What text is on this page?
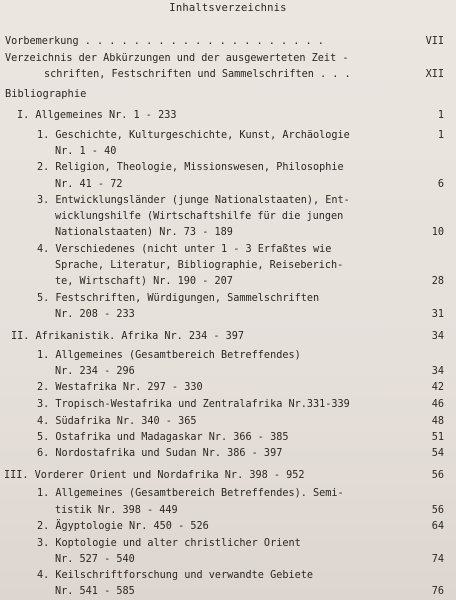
Inhaltsverzeichnis
Vorbemerkung . . . . . . . . . . . . . . . . . . . .	VII
Verzeichnis der Abkürzungen und der ausgewerteten Zeit -
schriften, Festschriften und Sammelschriften . . .	XII
Bibliographie
I. Allgemeines Nr. 1 - 233	1
1. Geschichte, Kulturgeschichte, Kunst, Archäologie	1
Nr. 1 - 40
2. Religion, Theologie, Missionswesen, Philosophie
Nr. 41 - 72	6
3. Entwicklungsländer (junge Nationalstaaten), Ent-
wicklungshilfe (Wirtschaftshilfe für die jungen
Nationalstaaten) Nr. 73 - 189	10
4. Verschiedenes (nicht unter 1 - 3 Erfaßtes wie
Sprache, Literatur, Bibliographie, Reiseberich-
te, Wirtschaft) Nr. 190 - 207	28
5. Festschriften, Würdigungen, Sammelschriften
Nr. 208 - 233	31
II. Afrikanistik. Afrika Nr. 234 - 397	34
1. Allgemeines (Gesamtbereich Betreffendes)
Nr. 234 - 296	34
2. Westafrika Nr. 297 - 330	42
3. Tropisch-Westafrika und Zentralafrika Nr.331-339	46
4. Südafrika Nr. 340 - 365	48
5. Ostafrika und Madagaskar Nr. 366 - 385	51
6. Nordostafrika und Sudan Nr. 386 - 397	54
III. Vorderer Orient und Nordafrika Nr. 398 - 952	56
1. Allgemeines (Gesamtbereich Betreffendes). Semi-
tistik Nr. 398 - 449	56
2. Ägyptologie Nr. 450 - 526	64
3. Koptologie und alter christlicher Orient
Nr. 527 - 540	74
4. Keilschriftforschung und verwandte Gebiete
Nr. 541 - 585	76
